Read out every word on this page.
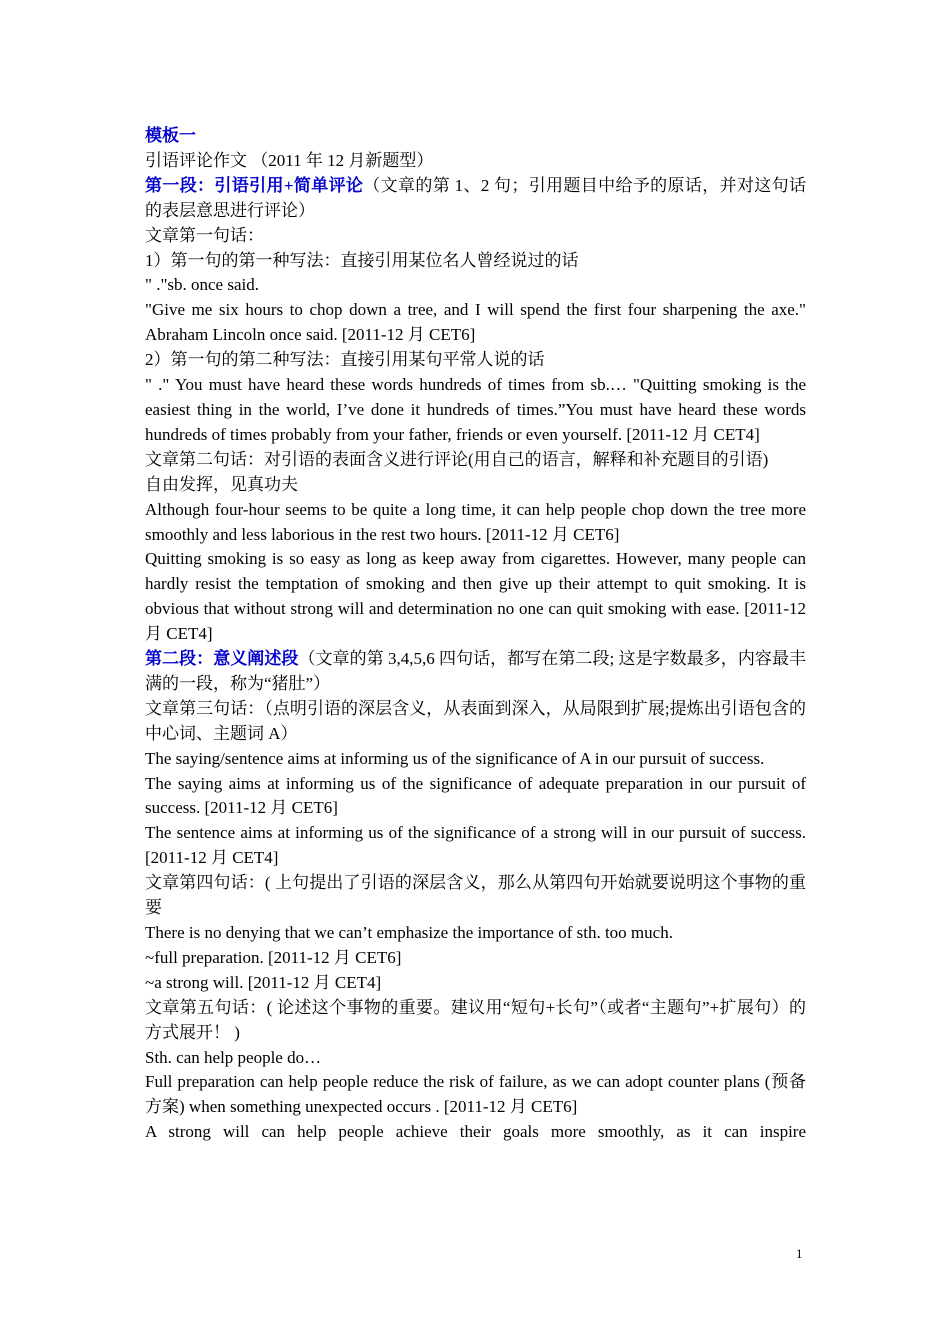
模板一

引语评论作文 （2011 年 12 月新题型）

第一段：引语引用+简单评论（文章的第 1、2 句；引用题目中给予的原话，并对这句话的表层意思进行评论）

文章第一句话：

1）第一句的第一种写法：直接引用某位名人曾经说过的话

" ."sb. once said.

"Give me six hours to chop down a tree, and I will spend the first four sharpening the axe." Abraham Lincoln once said. [2011-12 月 CET6]

2）第一句的第二种写法：直接引用某句平常人说的话

" ." You must have heard these words hundreds of times from sb.… "Quitting smoking is the easiest thing in the world, I’ve done it hundreds of times.”You must have heard these words hundreds of times probably from your father, friends or even yourself. [2011-12 月 CET4]

文章第二句话：对引语的表面含义进行评论(用自己的语言，解释和补充题目的引语)

自由发挥，见真功夫

Although four-hour seems to be quite a long time, it can help people chop down the tree more smoothly and less laborious in the rest two hours. [2011-12 月 CET6]

Quitting smoking is so easy as long as keep away from cigarettes. However, many people can hardly resist the temptation of smoking and then give up their attempt to quit smoking. It is obvious that without strong will and determination no one can quit smoking with ease. [2011-12 月 CET4]

第二段：意义阐述段（文章的第 3,4,5,6 四句话，都写在第二段; 这是字数最多，内容最丰满的一段，称为“猪肚”）

文章第三句话：（点明引语的深层含义，从表面到深入，从局限到扩展;提炼出引语包含的中心词、主题词 A）

The saying/sentence aims at informing us of the significance of A in our pursuit of success.

The saying aims at informing us of the significance of adequate preparation in our pursuit of success. [2011-12 月 CET6]

The sentence aims at informing us of the significance of a strong will in our pursuit of success. [2011-12 月 CET4]

文章第四句话：( 上句提出了引语的深层含义，那么从第四句开始就要说明这个事物的重要

There is no denying that we can’t emphasize the importance of sth. too much.

~full preparation. [2011-12 月 CET6]

~a strong will. [2011-12 月 CET4]

文章第五句话：( 论述这个事物的重要。建议用“短句+长句”（或者“主题句”+扩展句）的方式展开！ )

Sth. can help people do…

Full preparation can help people reduce the risk of failure, as we can adopt counter plans (预备方案) when something unexpected occurs . [2011-12 月 CET6]

A strong will can help people achieve their goals more smoothly, as it can inspire

1
